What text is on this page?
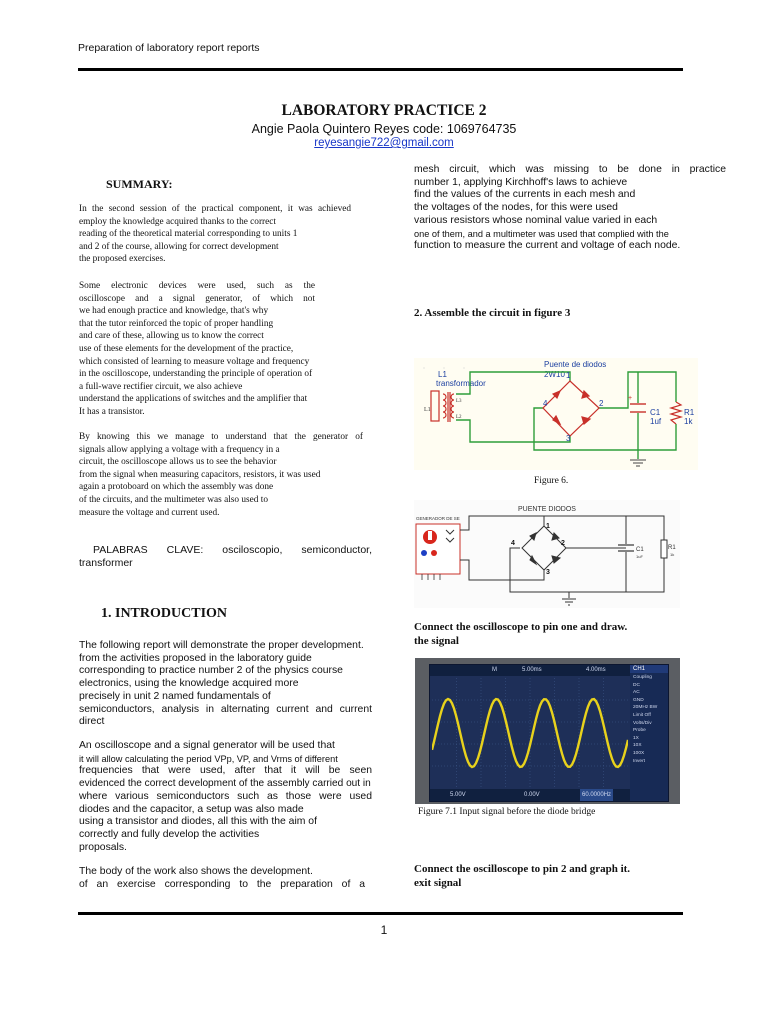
Preparation of laboratory report reports
LABORATORY PRACTICE 2
Angie Paola Quintero Reyes code: 1069764735
reyesangie722@gmail.com
SUMMARY:
In the second session of the practical component, it was achieved
employ the knowledge acquired thanks to the correct
reading of the theoretical material corresponding to units 1
and 2 of the course, allowing for correct development
the proposed exercises.
Some electronic devices were used, such as the
oscilloscope and a signal generator, of which not
we had enough practice and knowledge, that's why
that the tutor reinforced the topic of proper handling
and care of these, allowing us to know the correct
use of these elements for the development of the practice,
which consisted of learning to measure voltage and frequency
in the oscilloscope, understanding the principle of operation of
a full-wave rectifier circuit, we also achieve
understand the applications of switches and the amplifier that
It has a transistor.
By knowing this we manage to understand that the generator of
signals allow applying a voltage with a frequency in a
circuit, the oscilloscope allows us to see the behavior
from the signal when measuring capacitors, resistors, it was used
again a protoboard on which the assembly was done
of the circuits, and the multimeter was also used to
measure the voltage and current used.
PALABRAS CLAVE: osciloscopio, semiconductor,
transformer
1. INTRODUCTION
The following report will demonstrate the proper development.
from the activities proposed in the laboratory guide
corresponding to practice number 2 of the physics course
electronics, using the knowledge acquired more
precisely in unit 2 named fundamentals of
semiconductors, analysis in alternating current and current
direct
An oscilloscope and a signal generator will be used that
it will allow calculating the period VPp, VP, and Vrms of different
frequencies that were used, after that it will be seen
evidenced the correct development of the assembly carried out in
where various semiconductors such as those were used
diodes and the capacitor, a setup was also made
using a transistor and diodes, all this with the aim of
correctly and fully develop the activities
proposals.
The body of the work also shows the development.
of an exercise corresponding to the preparation of a
mesh circuit, which was missing to be done in practice
number 1, applying Kirchhoff's laws to achieve
find the values of the currents in each mesh and
the voltages of the nodes, for this were used
various resistors whose nominal value varied in each
one of them, and a multimeter was used that complied with the
function to measure the current and voltage of each node.
2. Assemble the circuit in figure 3
Puente de diodos
2W10
L1
transformador
L1
L3
L2
1
2
3
4
+
C1
1uf
R1
1k
Figure 6.
PUENTE DIODOS
GENERADOR DE SE
1
2
3
4
C1
1uF
R1
1k
Connect the oscilloscope to pin one and draw.
the signal
M	5.00ms	4.00ms
5.00V	0.00V	60.0000Hz
CH1
Coupling
DC
AC
GND
20MHz BW
Limit Off
Volts/Div
Probe
1X
10X
100X
Invert
Figure 7.1 Input signal before the diode bridge
Connect the oscilloscope to pin 2 and graph it.
exit signal
1
